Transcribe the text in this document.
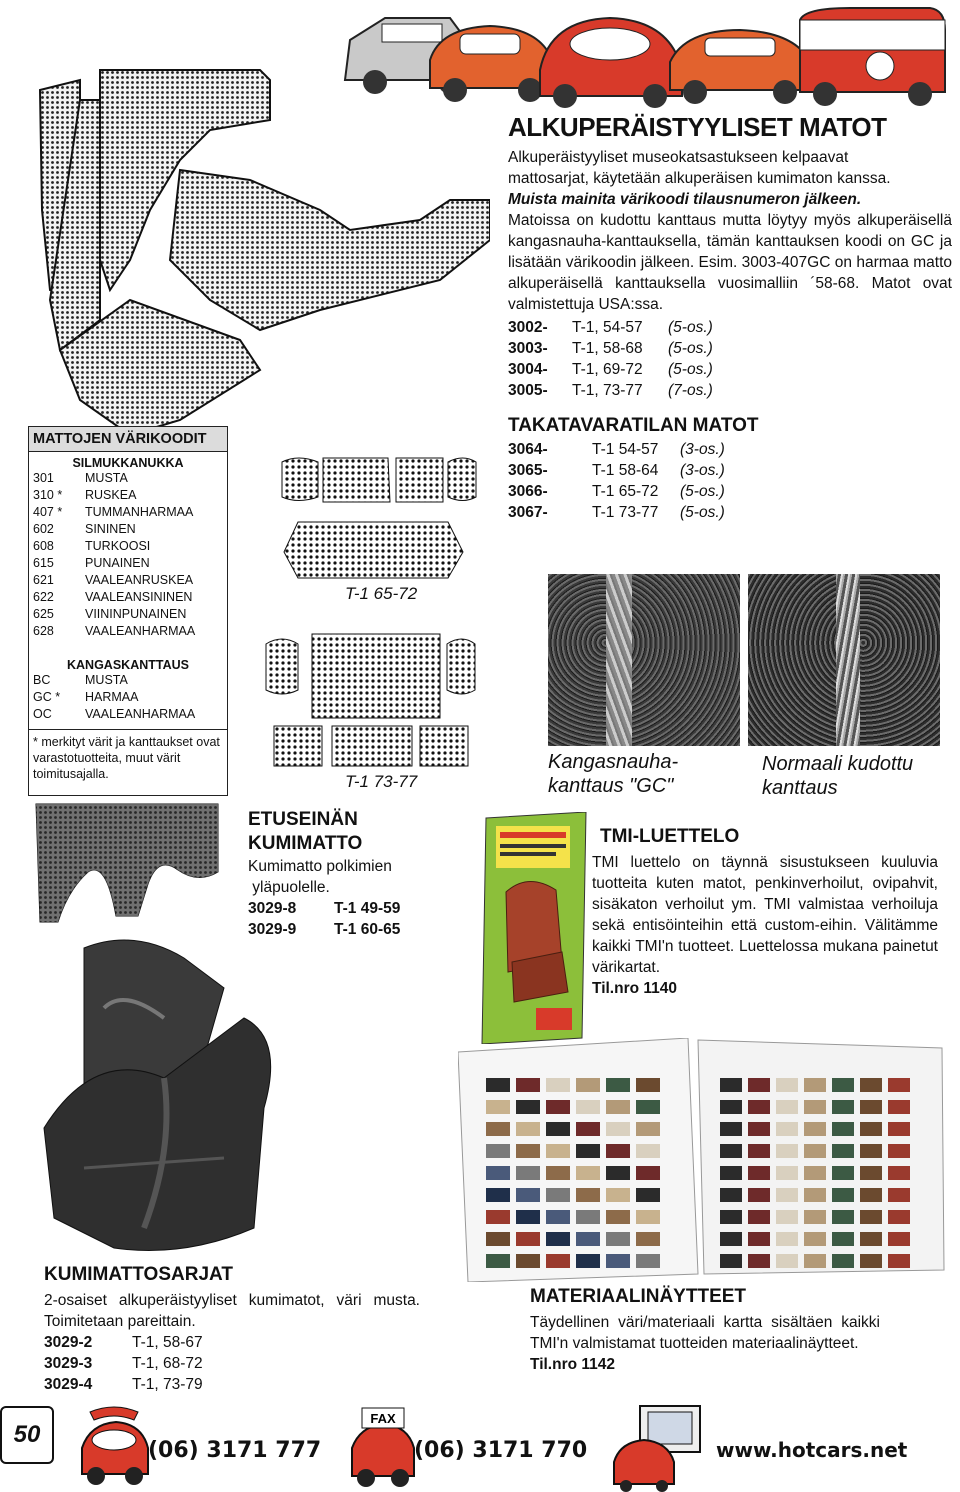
ALKUPERÄISTYYLISET MATOT
Alkuperäistyyliset museokatsastukseen kelpaavat
mattosarjat, käytetään alkuperäisen kumimaton kanssa.
Muista mainita värikoodi tilausnumeron jälkeen.
Matoissa on kudottu kanttaus mutta löytyy myös alkuperäisellä kangasnauha-kanttauksella, tämän kanttauksen koodi on GC ja lisätään värikoodin jälkeen. Esim. 3003-407GC on harmaa matto alkuperäisellä kanttauksella vuosimalliin ´58-68. Matot ovat valmistettuja USA:ssa.
3002-	T-1, 54-57	(5-os.)
3003-	T-1, 58-68	(5-os.)
3004-	T-1, 69-72	(5-os.)
3005-	T-1, 73-77	(7-os.)
TAKATAVARATILAN MATOT
3064-	T-1 54-57	(3-os.)
3065-	T-1 58-64	(3-os.)
3066-	T-1 65-72	(5-os.)
3067-	T-1 73-77	(5-os.)
MATTOJEN VÄRIKOODIT
SILMUKKANUKKA
301	MUSTA
310 *	RUSKEA
407 *	TUMMANHARMAA
602	SININEN
608	TURKOOSI
615	PUNAINEN
621	VAALEANRUSKEA
622	VAALEANSININEN
625	VIININPUNAINEN
628	VAALEANHARMAA
KANGASKANTTAUS
BC	MUSTA
GC *	HARMAA
OC	VAALEANHARMAA
* merkityt värit ja kanttaukset ovat varastotuotteita, muut värit toimitusajalla.
T-1 65-72
T-1 73-77
Kangasnauha-
kanttaus "GC"
Normaali kudottu
kanttaus
ETUSEINÄN
KUMIMATTO
Kumimatto polkimien
yläpuolelle.
3029-8	T-1 49-59
3029-9	T-1 60-65
TMI-LUETTELO
TMI luettelo on täynnä sisustukseen kuuluvia tuotteita kuten matot, penkinverhoilut, ovipahvit, sisäkaton verhoilut ym. TMI valmistaa verhoiluja sekä entisöinteihin että custom-eihin. Välitämme kaikki TMI'n tuotteet. Luettelossa mukana painetut värikartat.
Til.nro 1140
KUMIMATTOSARJAT
2-osaiset alkuperäistyyliset kumimatot, väri musta. Toimitetaan pareittain.
3029-2	T-1, 58-67
3029-3	T-1, 68-72
3029-4	T-1, 73-79
MATERIAALINÄYTTEET
Täydellinen väri/materiaali kartta sisältäen kaikki TMI'n valmistamat tuotteiden materiaalinäytteet.
Til.nro 1142
50
(06) 3171 777
FAX
(06) 3171 770	www.hotcars.net
